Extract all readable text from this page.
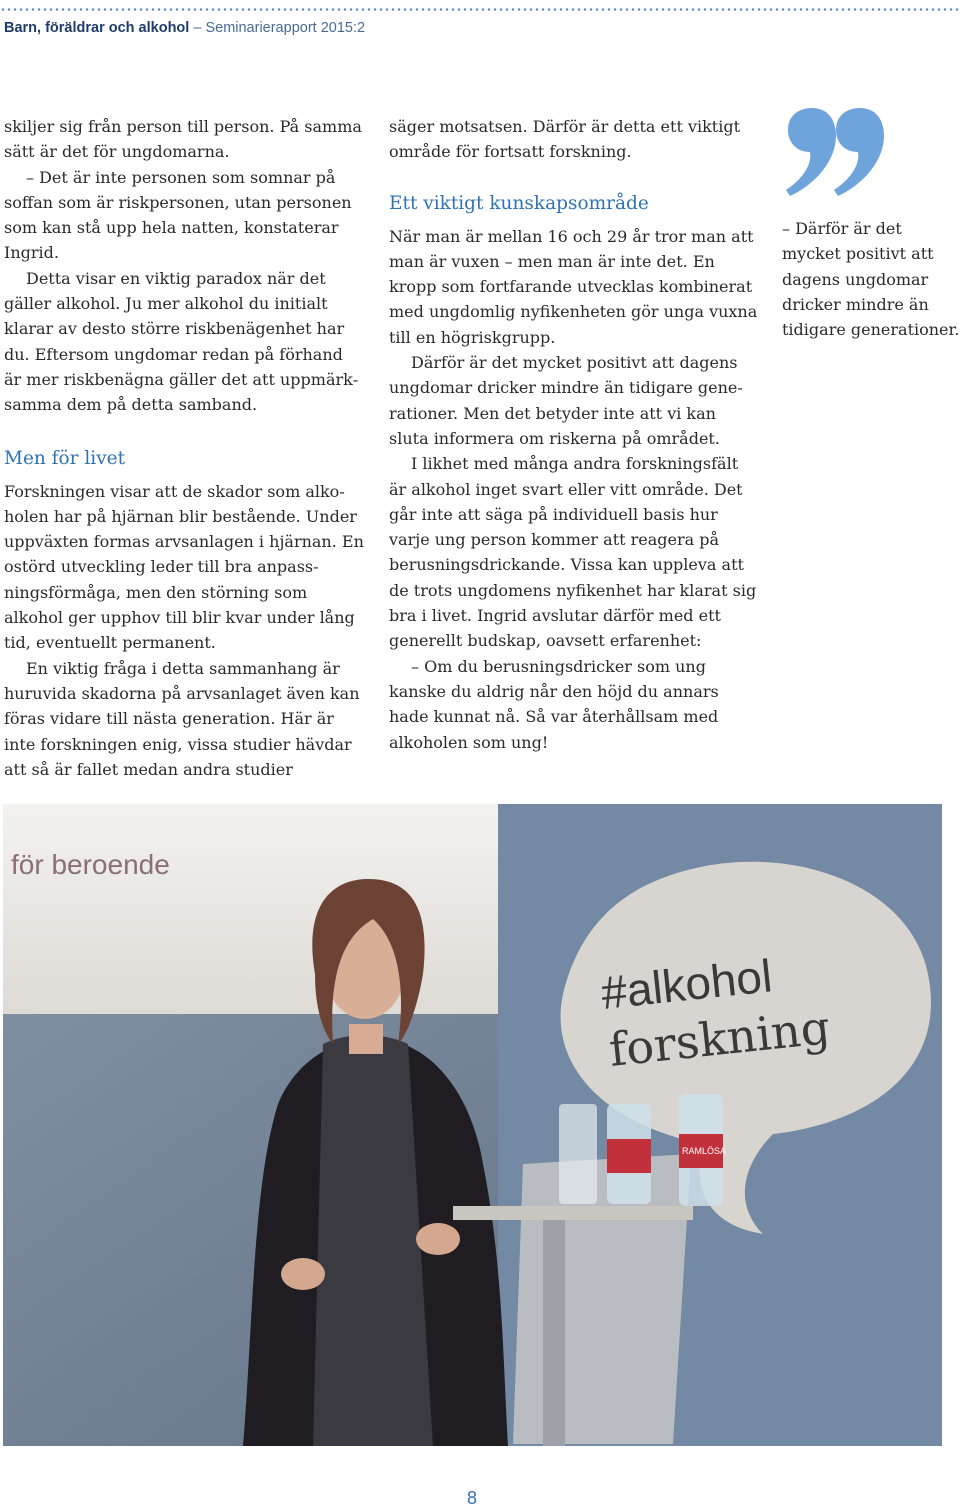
Barn, föräldrar och alkohol – Seminarierapport 2015:2

skiljer sig från person till person. På samma sätt är det för ungdomarna.

– Det är inte personen som somnar på soffan som är riskpersonen, utan personen som kan stå upp hela natten, konstaterar Ingrid.

Detta visar en viktig paradox när det gäller alkohol. Ju mer alkohol du initialt klarar av desto större riskbenägenhet har du. Eftersom ungdomar redan på förhand är mer riskbenägna gäller det att uppmärksamma dem på detta samband.

Men för livet

Forskningen visar att de skador som alkoholen har på hjärnan blir bestående. Under uppväxten formas arvsanlagen i hjärnan. En ostörd utveckling leder till bra anpassningsförmåga, men den störning som alkohol ger upphov till blir kvar under lång tid, eventuellt permanent.

En viktig fråga i detta sammanhang är huruvida skadorna på arvsanlaget även kan föras vidare till nästa generation. Här är inte forskningen enig, vissa studier hävdar att så är fallet medan andra studier

säger motsatsen. Därför är detta ett viktigt område för fortsatt forskning.

Ett viktigt kunskapsområde

När man är mellan 16 och 29 år tror man att man är vuxen – men man är inte det. En kropp som fortfarande utvecklas kombinerat med ungdomlig nyfikenheten gör unga vuxna till en högriskgrupp.

Därför är det mycket positivt att dagens ungdomar dricker mindre än tidigare generationer. Men det betyder inte att vi kan sluta informera om riskerna på området.

I likhet med många andra forskningsfält är alkohol inget svart eller vitt område. Det går inte att säga på individuell basis hur varje ung person kommer att reagera på berusningsdrickande. Vissa kan uppleva att de trots ungdomens nyfikenhet har klarat sig bra i livet. Ingrid avslutar därför med ett generellt budskap, oavsett erfarenhet:

– Om du berusningsdricker som ung kanske du aldrig når den höjd du annars hade kunnat nå. Så var återhållsam med alkoholen som ung!

– Därför är det mycket positivt att dagens ungdomar dricker mindre än tidigare generationer.

för beroende
#alkohol
forskning
RAMLÖSA
8
